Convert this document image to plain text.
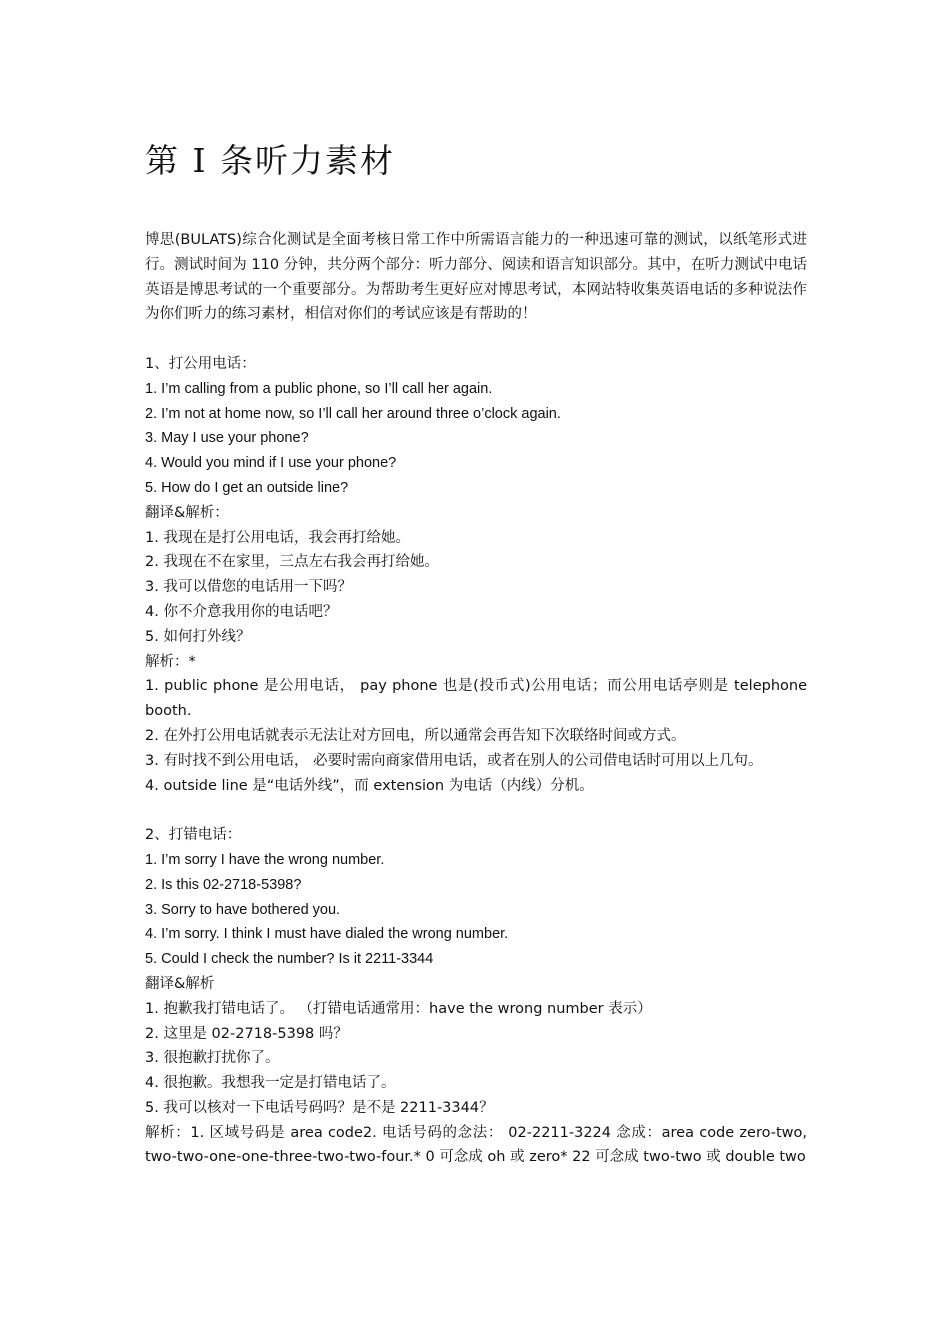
第 I 条听力素材

博思(BULATS)综合化测试是全面考核日常工作中所需语言能力的一种迅速可靠的测试，以纸笔形式进行。测试时间为 110 分钟，共分两个部分：听力部分、阅读和语言知识部分。其中，在听力测试中电话英语是博思考试的一个重要部分。为帮助考生更好应对博思考试，本网站特收集英语电话的多种说法作为你们听力的练习素材，相信对你们的考试应该是有帮助的！

1、打公用电话：

1. I’m calling from a public phone, so I’ll call her again.

2. I’m not at home now, so I’ll call her around three o’clock again.

3. May I use your phone?

4. Would you mind if I use your phone?

5. How do I get an outside line?

翻译&解析：

1. 我现在是打公用电话，我会再打给她。

2. 我现在不在家里，三点左右我会再打给她。

3. 我可以借您的电话用一下吗？

4. 你不介意我用你的电话吧？

5. 如何打外线？

解析：*

1. public phone 是公用电话， pay phone 也是(投币式)公用电话；而公用电话亭则是 telephone booth.

2. 在外打公用电话就表示无法让对方回电，所以通常会再告知下次联络时间或方式。

3. 有时找不到公用电话， 必要时需向商家借用电话，或者在别人的公司借电话时可用以上几句。

4. outside line 是“电话外线”，而 extension 为电话（内线）分机。

2、打错电话：

1. I’m sorry I have the wrong number.

2. Is this 02-2718-5398?

3. Sorry to have bothered you.

4. I’m sorry. I think I must have dialed the wrong number.

5. Could I check the number? Is it 2211-3344

翻译&解析

1. 抱歉我打错电话了。 （打错电话通常用：have the wrong number 表示）

2. 这里是 02-2718-5398 吗？

3. 很抱歉打扰你了。

4. 很抱歉。我想我一定是打错电话了。

5. 我可以核对一下电话号码吗？是不是 2211-3344？

解析：1. 区域号码是 area code2. 电话号码的念法： 02-2211-3224 念成：area code zero-two, two-two-one-one-three-two-two-four.* 0 可念成 oh 或 zero* 22 可念成 two-two 或 double two
